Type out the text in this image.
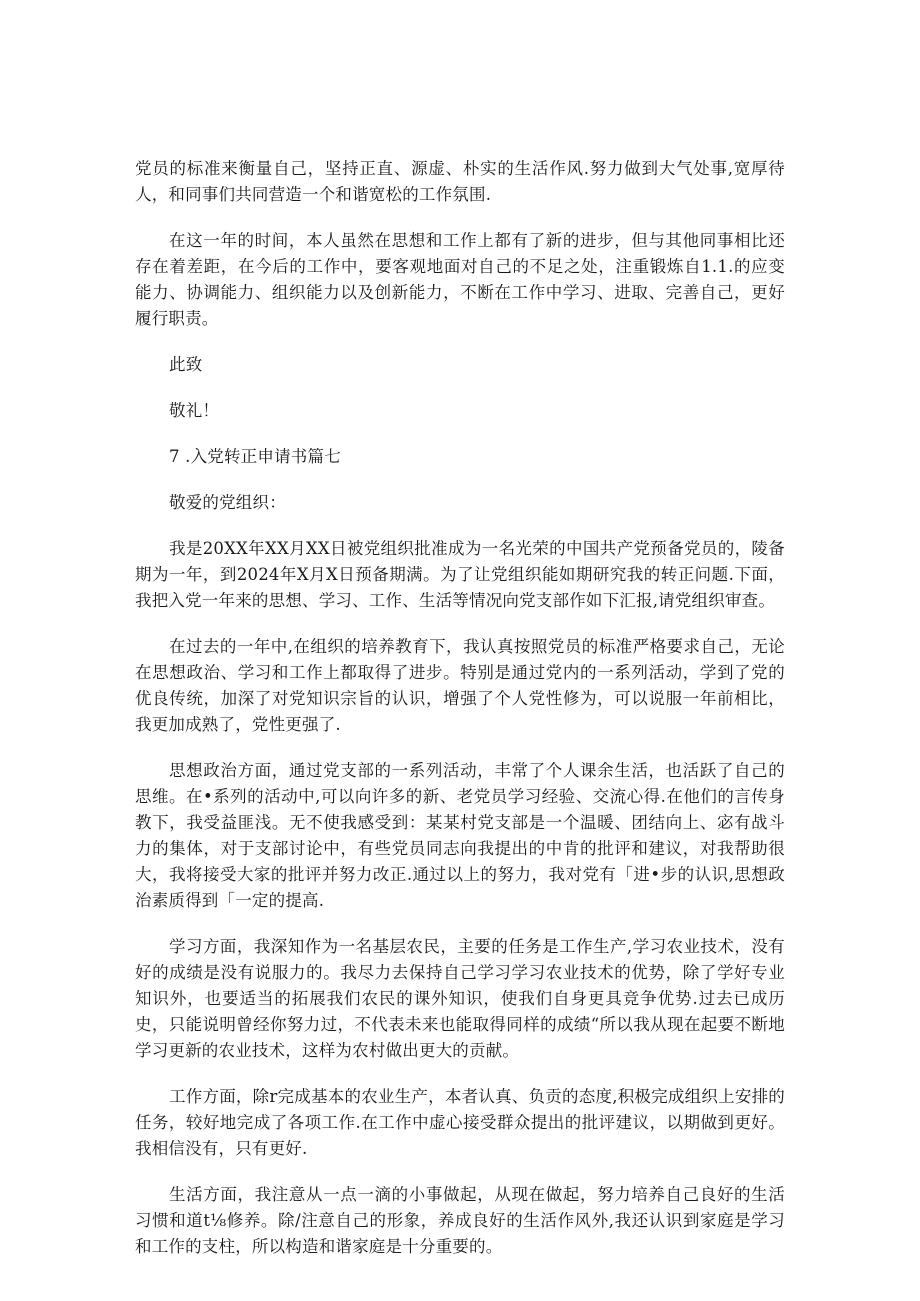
党员的标准来衡量自己，坚持正直、源虚、朴实的生活作风.努力做到大气处事,宽厚待人，和同事们共同营造一个和谐宽松的工作氛围.

在这一年的时间，本人虽然在思想和工作上都有了新的进步，但与其他同事相比还存在着差距，在今后的工作中，要客观地面对自己的不足之处，注重锻炼自1.1.的应变能力、协调能力、组织能力以及创新能力，不断在工作中学习、进取、完善自己，更好履行职责。

此致

敬礼！

7 .入党转正申请书篇七

敬爱的党组织：

我是20XX年XX月XX日被党组织批准成为一名光荣的中国共产党预备党员的，陵备期为一年，到2024年X月X日预备期满。为了让党组织能如期研究我的转正问题.下面，我把入党一年来的思想、学习、工作、生活等情况向党支部作如下汇报,请党组织审查。

在过去的一年中,在组织的培养教育下，我认真按照党员的标准严格要求自己，无论在思想政治、学习和工作上都取得了进步。特别是通过党内的一系列活动，学到了党的优良传统，加深了对党知识宗旨的认识，增强了个人党性修为，可以说服一年前相比，我更加成熟了，党性更强了.

思想政治方面，通过党支部的一系列活动，丰常了个人课余生活，也活跃了自己的思维。在•系列的活动中,可以向许多的新、老党员学习经验、交流心得.在他们的言传身教下，我受益匪浅。无不使我感受到：某某村党支部是一个温暖、团结向上、宓有战斗力的集体，对于支部讨论中，有些党员同志向我提出的中肯的批评和建议，对我帮助很大，我将接受大家的批评并努力改正.通过以上的努力，我对党有「进•步的认识,思想政治素质得到「一定的提高.

学习方面，我深知作为一名基层农民，主要的任务是工作生产,学习农业技术，没有好的成绩是没有说服力的。我尽力去保持自己学习学习农业技术的优势，除了学好专业知识外，也要适当的拓展我们农民的课外知识，使我们自身更具竞争优势.过去已成历史，只能说明曾经你努力过，不代表未来也能取得同样的成绩“所以我从现在起要不断地学习更新的农业技术，这样为农村做出更大的贡献。

工作方面，除r完成基本的农业生产，本者认真、负贡的态度,积极完成组织上安排的任务，较好地完成了各项工作.在工作中虚心接受群众提出的批评建议，以期做到更好。我相信没有，只有更好.

生活方面，我注意从一点一滴的小事做起，从现在做起，努力培养自己良好的生活习惯和道t⅛修养。除/注意自己的形象，养成良好的生活作风外,我还认识到家庭是学习和工作的支柱，所以构造和谐家庭是十分重要的。
